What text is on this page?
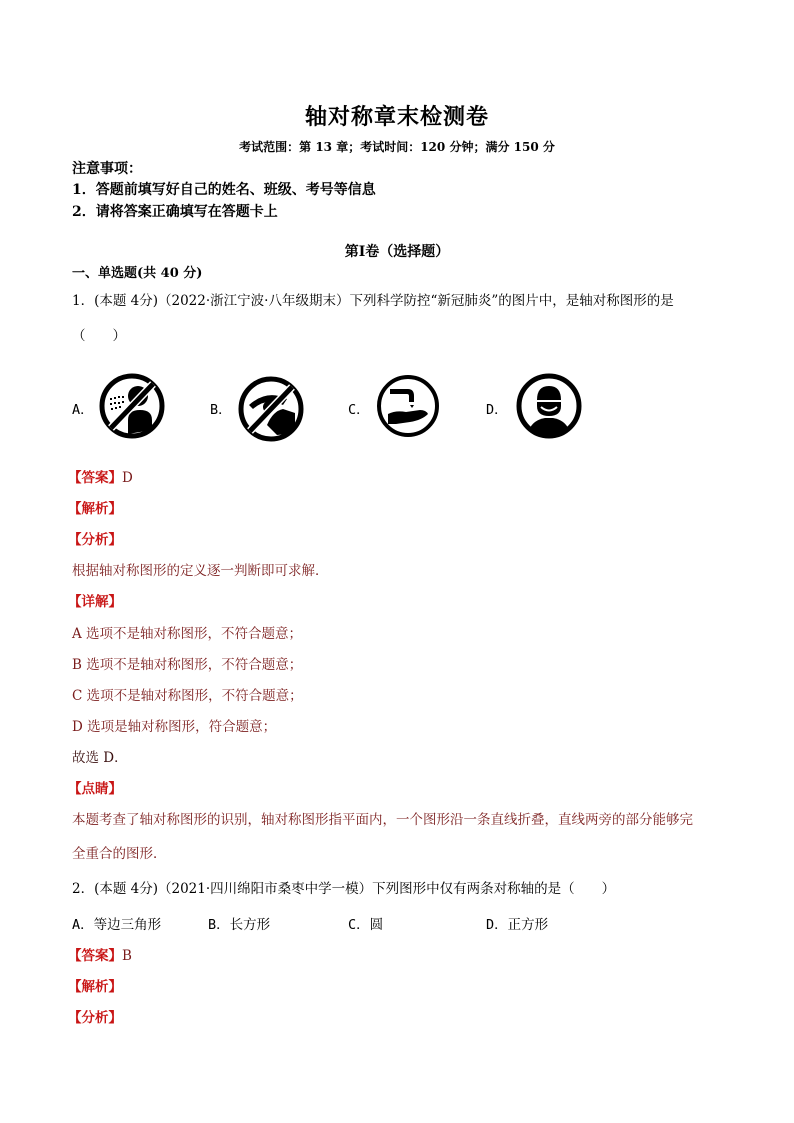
轴对称章末检测卷
考试范围：第 13 章；考试时间：120 分钟；满分 150 分
注意事项：
1．答题前填写好自己的姓名、班级、考号等信息
2．请将答案正确填写在答题卡上
第Ⅰ卷（选择题）
一、单选题(共 40 分)
1．(本题 4分)（2022·浙江宁波·八年级期末）下列科学防控“新冠肺炎”的图片中，是轴对称图形的是
（　　）
A．	B．	C．	D．
【答案】D
【解析】
【分析】
根据轴对称图形的定义逐一判断即可求解．
【详解】
A 选项不是轴对称图形，不符合题意；
B 选项不是轴对称图形，不符合题意；
C 选项不是轴对称图形，不符合题意；
D 选项是轴对称图形，符合题意；
故选 D．
【点睛】
本题考查了轴对称图形的识别，轴对称图形指平面内，一个图形沿一条直线折叠，直线两旁的部分能够完
全重合的图形．
2．(本题 4分)（2021·四川绵阳市桑枣中学一模）下列图形中仅有两条对称轴的是（　　）
A．等边三角形	B．长方形	C．圆	D．正方形
【答案】B
【解析】
【分析】
